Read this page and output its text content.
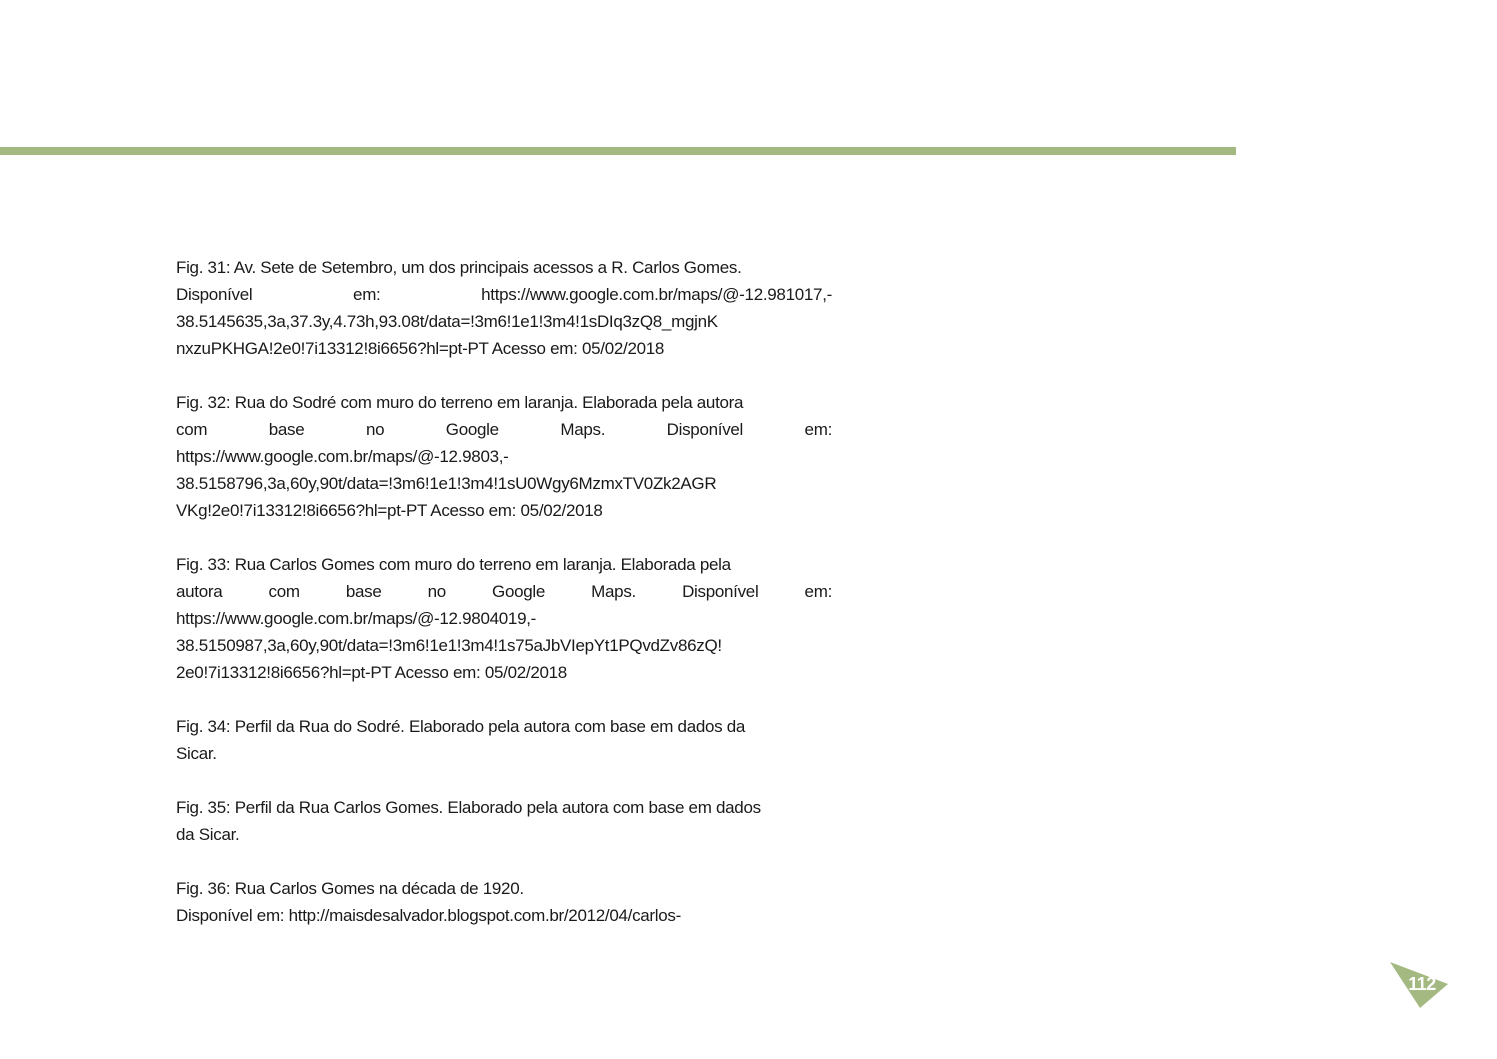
Fig. 31: Av. Sete de Setembro, um dos principais acessos a R. Carlos Gomes.
Disponível em: https://www.google.com.br/maps/@-12.981017,-
38.5145635,3a,37.3y,4.73h,93.08t/data=!3m6!1e1!3m4!1sDIq3zQ8_mgjnK
nxzuPKHGA!2e0!7i13312!8i6656?hl=pt-PT Acesso em: 05/02/2018
Fig. 32: Rua do Sodré com muro do terreno em laranja. Elaborada pela autora
com base no Google Maps. Disponível em:
https://www.google.com.br/maps/@-12.9803,-
38.5158796,3a,60y,90t/data=!3m6!1e1!3m4!1sU0Wgy6MzmxTV0Zk2AGR
VKg!2e0!7i13312!8i6656?hl=pt-PT Acesso em: 05/02/2018
Fig. 33: Rua Carlos Gomes com muro do terreno em laranja. Elaborada pela
autora com base no Google Maps. Disponível em:
https://www.google.com.br/maps/@-12.9804019,-
38.5150987,3a,60y,90t/data=!3m6!1e1!3m4!1s75aJbVIepYt1PQvdZv86zQ!
2e0!7i13312!8i6656?hl=pt-PT Acesso em: 05/02/2018
Fig. 34: Perfil da Rua do Sodré. Elaborado pela autora com base em dados da
Sicar.
Fig. 35: Perfil da Rua Carlos Gomes. Elaborado pela autora com base em dados
da Sicar.
Fig. 36: Rua Carlos Gomes na década de 1920.
Disponível em: http://maisdesalvador.blogspot.com.br/2012/04/carlos-
112
